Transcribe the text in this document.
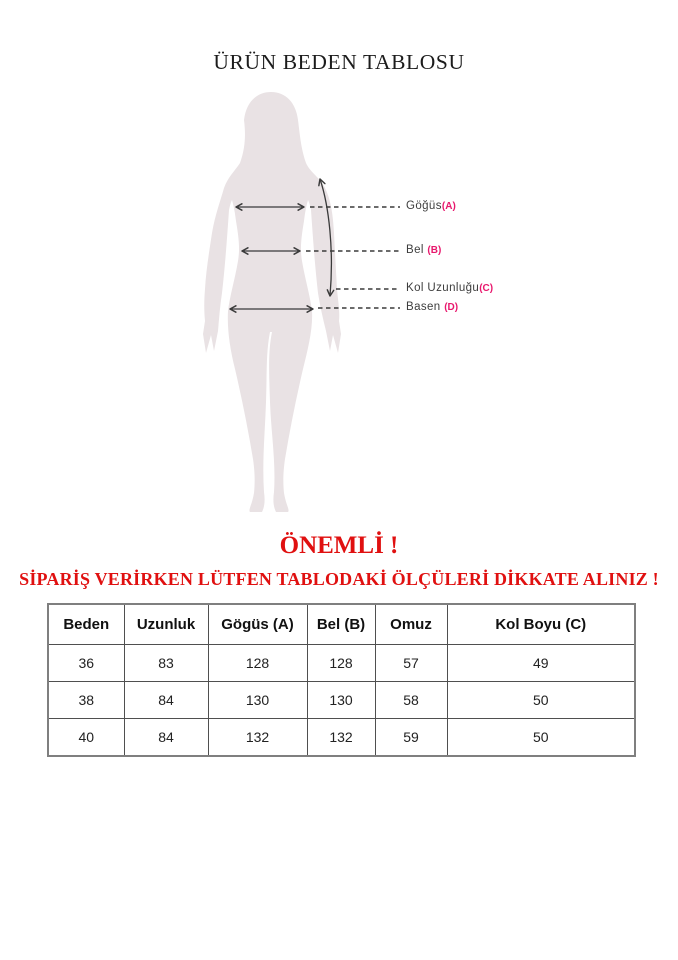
ÜRÜN BEDEN TABLOSU
Göğüs(A)
Bel (B)
Kol Uzunluğu(C)
Basen (D)
ÖNEMLİ !

SİPARİŞ VERİRKEN LÜTFEN TABLODAKİ ÖLÇÜLERİ DİKKATE ALINIZ !

Beden	Uzunluk	Gögüs (A)	Bel (B)	Omuz	Kol Boyu (C)
36	83	128	128	57	49
38	84	130	130	58	50
40	84	132	132	59	50
